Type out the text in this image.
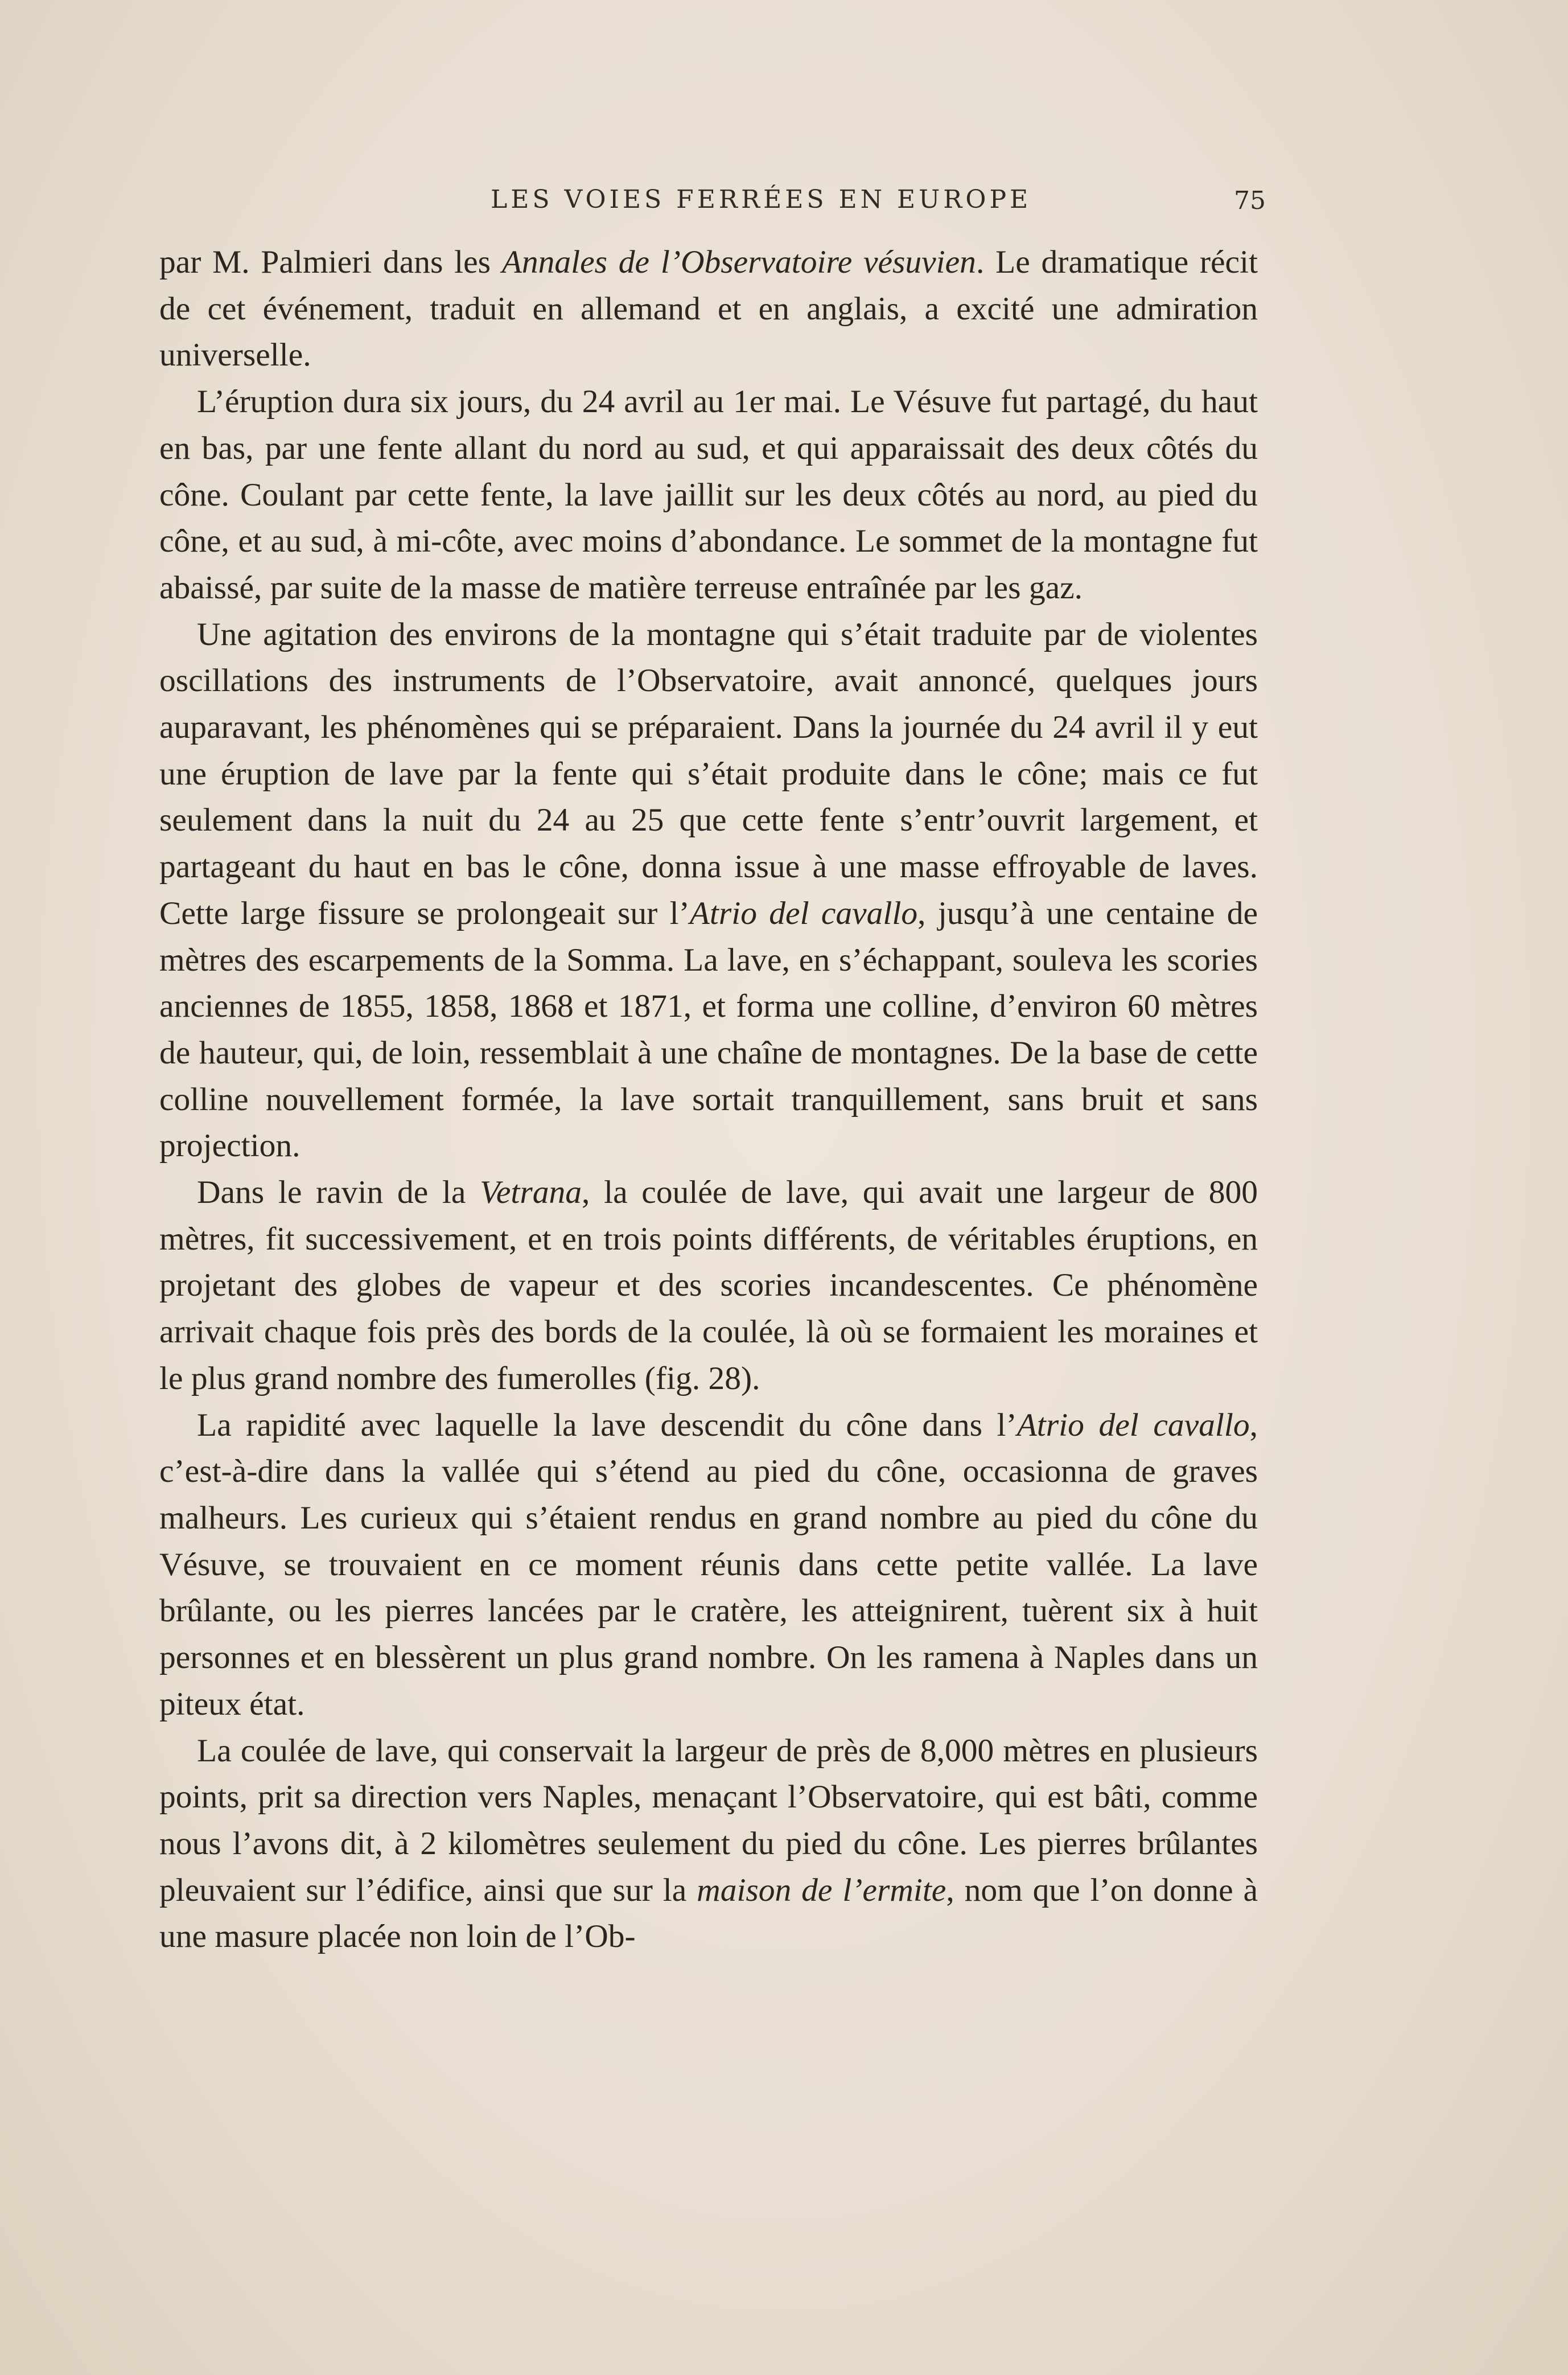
LES VOIES FERRÉES EN EUROPE	75

par M. Palmieri dans les Annales de l’Observatoire vésuvien. Le dramatique récit de cet événement, traduit en allemand et en anglais, a excité une admiration universelle.

L’éruption dura six jours, du 24 avril au 1er mai. Le Vésuve fut partagé, du haut en bas, par une fente allant du nord au sud, et qui apparaissait des deux côtés du cône. Coulant par cette fente, la lave jaillit sur les deux côtés au nord, au pied du cône, et au sud, à mi-côte, avec moins d’abondance. Le sommet de la montagne fut abaissé, par suite de la masse de matière terreuse entraînée par les gaz.

Une agitation des environs de la montagne qui s’était traduite par de violentes oscillations des instruments de l’Observatoire, avait annoncé, quelques jours auparavant, les phénomènes qui se préparaient. Dans la journée du 24 avril il y eut une éruption de lave par la fente qui s’était produite dans le cône; mais ce fut seulement dans la nuit du 24 au 25 que cette fente s’entr’ouvrit largement, et partageant du haut en bas le cône, donna issue à une masse effroyable de laves. Cette large fissure se prolongeait sur l’Atrio del cavallo, jusqu’à une centaine de mètres des escarpements de la Somma. La lave, en s’échappant, souleva les scories anciennes de 1855, 1858, 1868 et 1871, et forma une colline, d’environ 60 mètres de hauteur, qui, de loin, ressemblait à une chaîne de montagnes. De la base de cette colline nouvellement formée, la lave sortait tranquillement, sans bruit et sans projection.

Dans le ravin de la Vetrana, la coulée de lave, qui avait une largeur de 800 mètres, fit successivement, et en trois points différents, de véritables éruptions, en projetant des globes de vapeur et des scories incandescentes. Ce phénomène arrivait chaque fois près des bords de la coulée, là où se formaient les moraines et le plus grand nombre des fumerolles (fig. 28).

La rapidité avec laquelle la lave descendit du cône dans l’Atrio del cavallo, c’est-à-dire dans la vallée qui s’étend au pied du cône, occasionna de graves malheurs. Les curieux qui s’étaient rendus en grand nombre au pied du cône du Vésuve, se trouvaient en ce moment réunis dans cette petite vallée. La lave brûlante, ou les pierres lancées par le cratère, les atteignirent, tuèrent six à huit personnes et en blessèrent un plus grand nombre. On les ramena à Naples dans un piteux état.

La coulée de lave, qui conservait la largeur de près de 8,000 mètres en plusieurs points, prit sa direction vers Naples, menaçant l’Observatoire, qui est bâti, comme nous l’avons dit, à 2 kilomètres seulement du pied du cône. Les pierres brûlantes pleuvaient sur l’édifice, ainsi que sur la maison de l’ermite, nom que l’on donne à une masure placée non loin de l’Ob-
